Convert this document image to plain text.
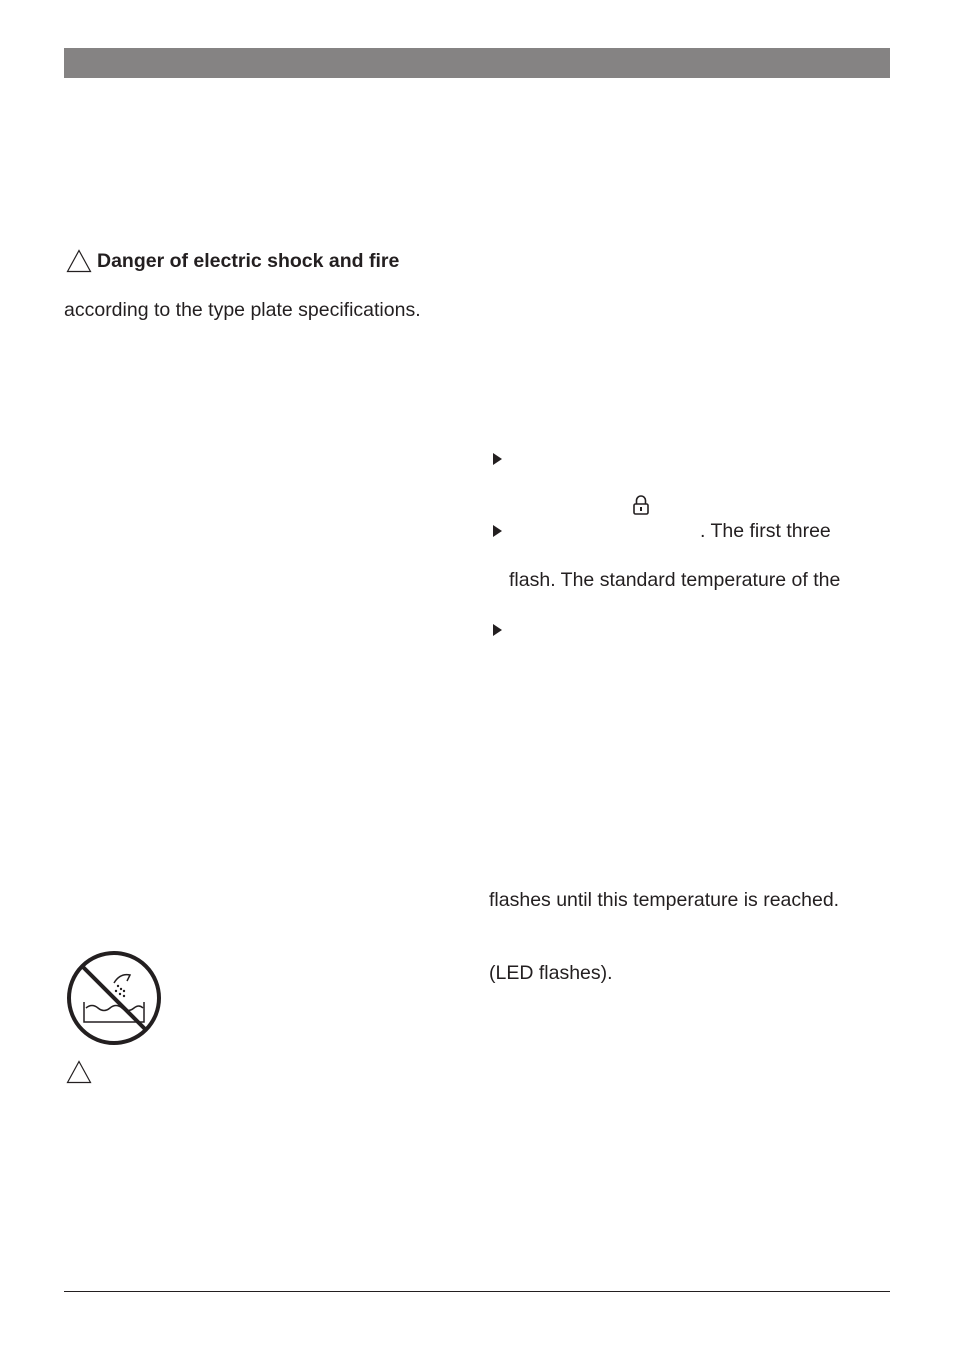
Danger of electric shock and fire
according to the type plate specifications.
. The first three
flash. The standard temperature of the
flashes until this temperature is reached.
(LED flashes).
